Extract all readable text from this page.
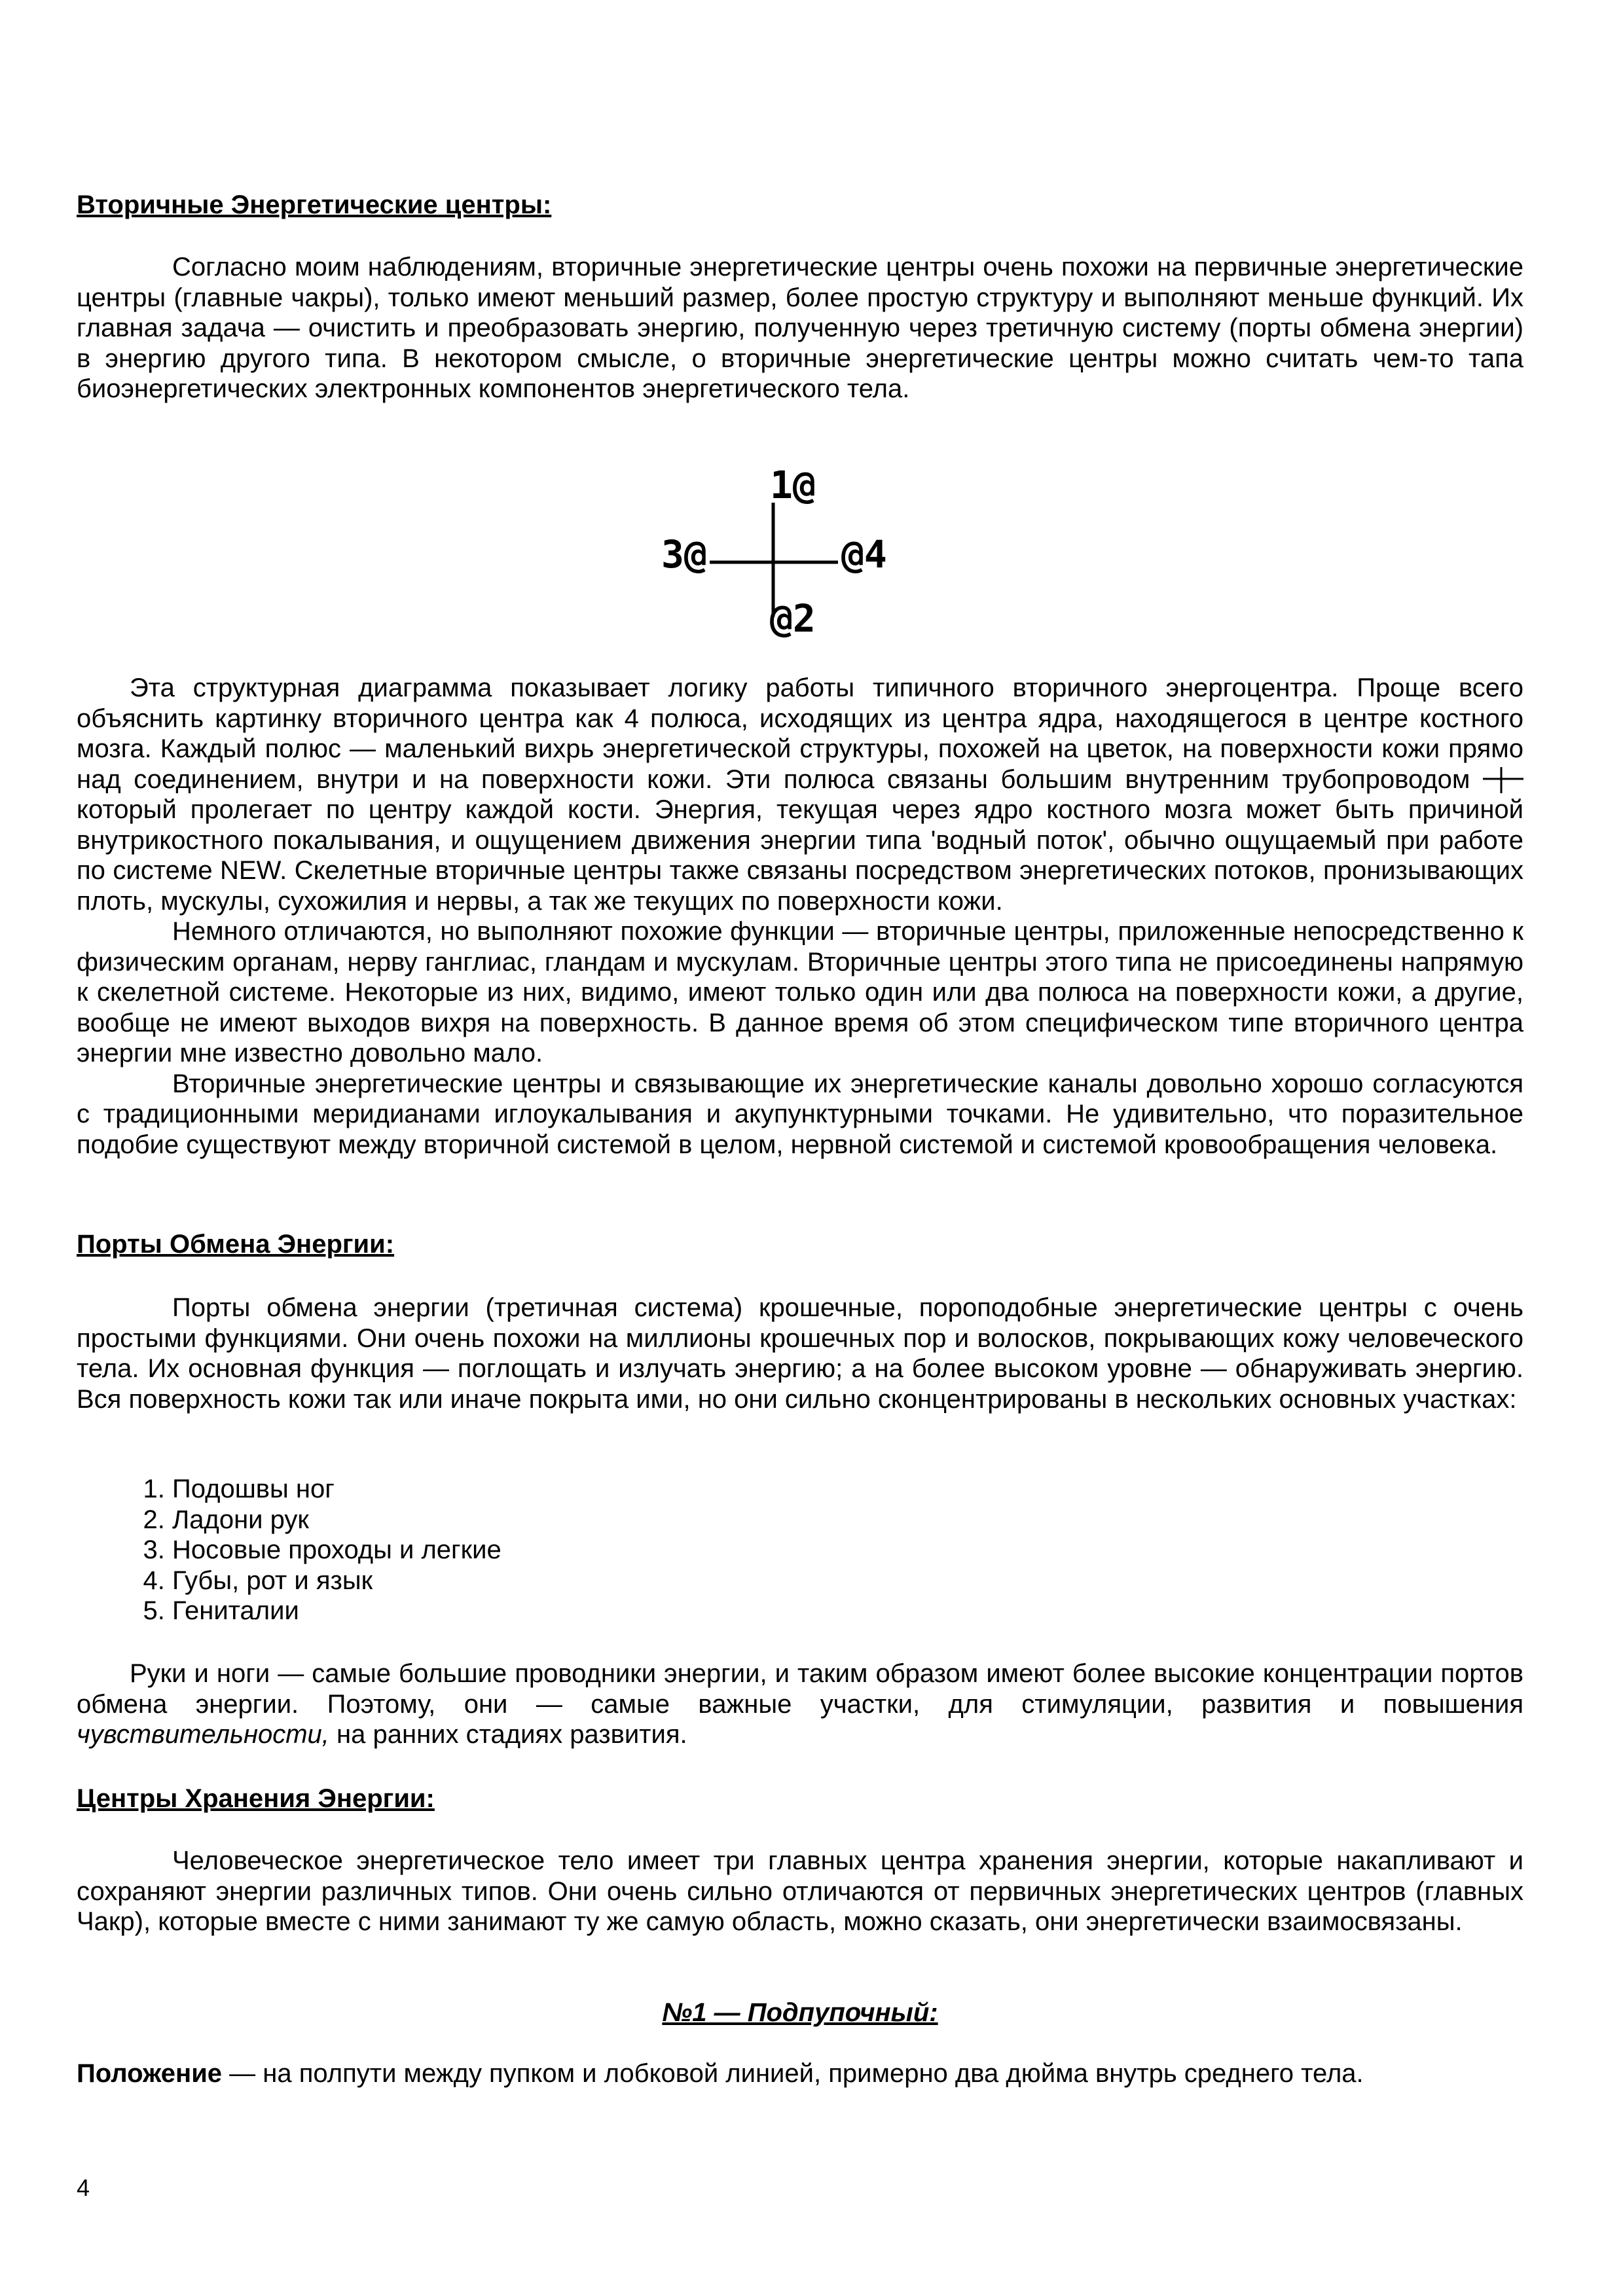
Вторичные Энергетические центры:

Согласно моим наблюдениям, вторичные энергетические центры очень похожи на первичные энергетические центры (главные чакры), только имеют меньший размер, более простую структуру и выполняют меньше функций. Их главная задача — очистить и преобразовать энергию, полученную через третичную систему (порты обмена энергии) в энергию другого типа. В некотором смысле, о вторичные энергетические центры можно считать чем-то тапа биоэнергетических электронных компонентов энергетического тела.

1@
@2
3@	@4

Эта структурная диаграмма показывает логику работы типичного вторичного энергоцентра. Проще всего объяснить картинку вторичного центра как 4 полюса, исходящих из центра ядра, находящегося в центре костного мозга. Каждый полюс — маленький вихрь энергетической структуры, похожей на цветок, на поверхности кожи прямо над соединением, внутри и на поверхности кожи. Эти полюса связаны большим внутренним трубопроводом  который пролегает по центру каждой кости. Энергия, текущая через ядро костного мозга может быть причиной внутрикостного покалывания, и ощущением движения энергии типа 'водный поток', обычно ощущаемый при работе по системе NEW. Скелетные вторичные центры также связаны посредством энергетических потоков, пронизывающих плоть, мускулы, сухожилия и нервы, а так же текущих по поверхности кожи.

Немного отличаются, но выполняют похожие функции — вторичные центры, приложенные непосредственно к физическим органам, нерву ганглиас, гландам и мускулам. Вторичные центры этого типа не присоединены напрямую к скелетной системе. Некоторые из них, видимо, имеют только один или два полюса на поверхности кожи, а другие, вообще не имеют выходов вихря на поверхность. В данное время об этом специфическом типе вторичного центра энергии мне известно довольно мало.

Вторичные энергетические центры и связывающие их энергетические каналы довольно хорошо согласуются с традиционными меридианами иглоукалывания и акупунктурными точками. Не удивительно, что поразительное подобие существуют между вторичной системой в целом, нервной системой и системой кровообращения человека.

Порты Обмена Энергии:

Порты обмена энергии (третичная система) крошечные, пороподобные энергетические центры с очень простыми функциями. Они очень похожи на миллионы крошечных пор и волосков, покрывающих кожу человеческого тела. Их основная функция — поглощать и излучать энергию; а на более высоком уровне — обнаруживать энергию. Вся поверхность кожи так или иначе покрыта ими, но они сильно сконцентрированы в нескольких основных участках:

1. Подошвы ног
2. Ладони рук
3. Носовые проходы и легкие
4. Губы, рот и язык
5. Гениталии

Руки и ноги — самые большие проводники энергии, и таким образом имеют более высокие концентрации портов обмена энергии. Поэтому, они — самые важные участки, для стимуляции, развития и повышения чувствительности, на ранних стадиях развития.

Центры Хранения Энергии:

Человеческое энергетическое тело имеет три главных центра хранения энергии, которые накапливают и сохраняют энергии различных типов. Они очень сильно отличаются от первичных энергетических центров (главных Чакр), которые вместе с ними занимают ту же самую область, можно сказать, они энергетически взаимосвязаны.

№1 — Подпупочный:

Положение — на полпути между пупком и лобковой линией, примерно два дюйма внутрь среднего тела.

4
